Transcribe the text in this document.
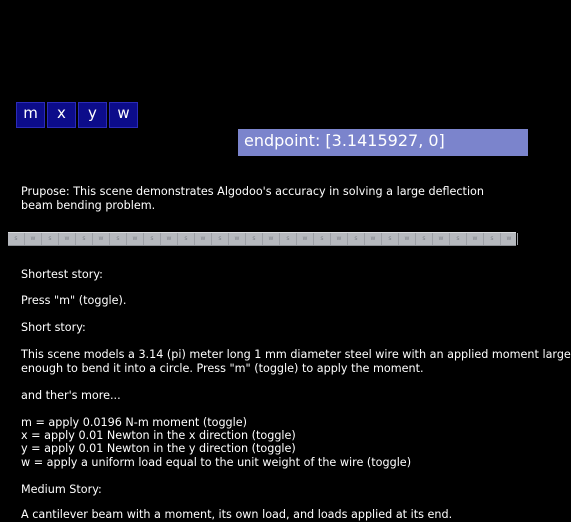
m	x	y	w
endpoint: [3.1415927, 0]
Prupose: This scene demonstrates Algodoo's accuracy in solving a large deflection
beam bending problem.
s	w	s	w	s	w	s	w	s	w	s	w	s	w	s	w	s	w	s	w	s	w	s	w	s	w	s	w	s	w
Shortest story:
Press "m" (toggle).
Short story:
This scene models a 3.14 (pi) meter long 1 mm diameter steel wire with an applied moment large
enough to bend it into a circle. Press "m" (toggle) to apply the moment.
and ther's more...
m = apply 0.0196 N-m moment (toggle)
x = apply 0.01 Newton in the x direction (toggle)
y = apply 0.01 Newton in the y direction (toggle)
w = apply a uniform load equal to the unit weight of the wire (toggle)
Medium Story:
A cantilever beam with a moment, its own load, and loads applied at its end.
